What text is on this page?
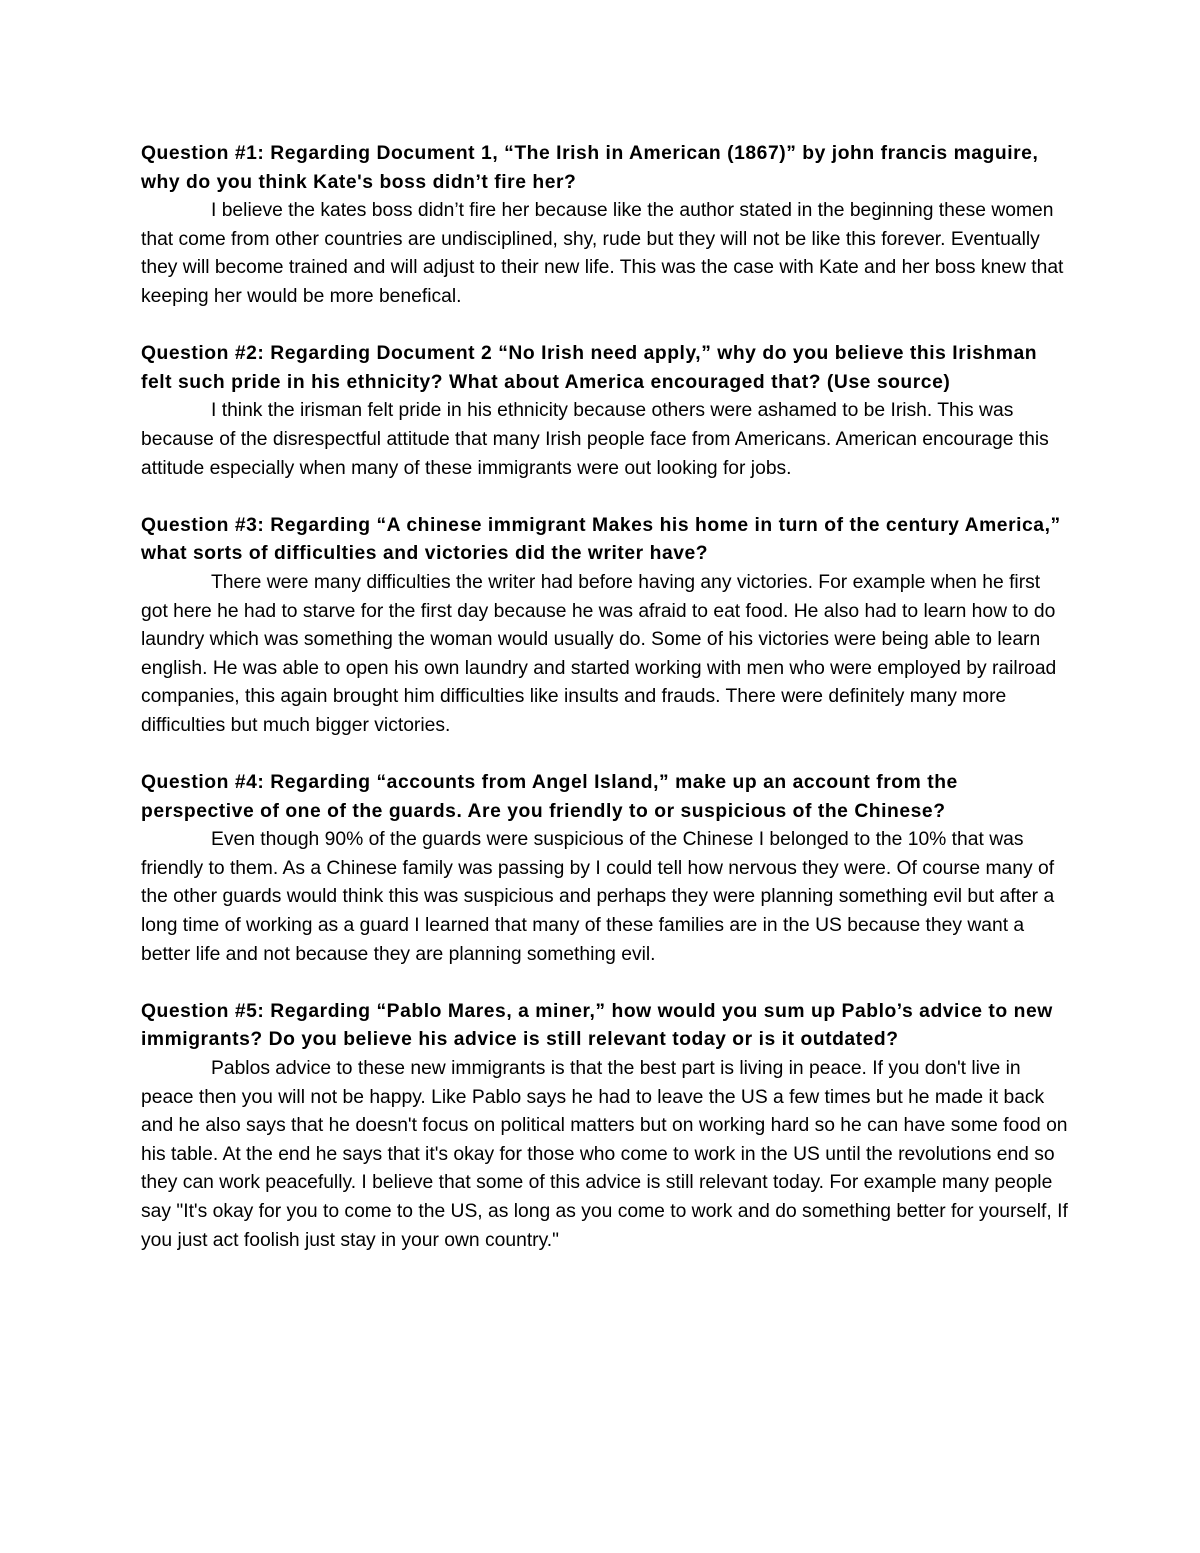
Question #1: Regarding Document 1, “The Irish in American (1867)” by john francis maguire, why do you think Kate's boss didn’t fire her?

I believe the kates boss didn’t fire her because like the author stated in the beginning these women that come from other countries are undisciplined, shy, rude but they will not be like this forever. Eventually they will become trained and will adjust to their new life. This was the case with Kate and her boss knew that keeping her would be more benefical.

Question #2: Regarding Document 2 “No Irish need apply,” why do you believe this Irishman felt such pride in his ethnicity? What about America encouraged that? (Use source)

I think the irisman felt pride in his ethnicity because others were ashamed to be Irish. This was because of the disrespectful attitude that many Irish people face from Americans. American encourage this attitude especially when many of these immigrants were out looking for jobs.

Question #3: Regarding “A chinese immigrant Makes his home in turn of the century America,” what sorts of difficulties and victories did the writer have?

There were many difficulties the writer had before having any victories. For example when he first got here he had to starve for the first day because he was afraid to eat food. He also had to learn how to do laundry which was something the woman would usually do. Some of his victories were being able to learn english. He was able to open his own laundry and started working with men who were employed by railroad companies, this again brought him difficulties like insults and frauds. There were definitely many more difficulties but much bigger victories.

Question #4: Regarding “accounts from Angel Island,” make up an account from the perspective of one of the guards. Are you friendly to or suspicious of the Chinese?

Even though 90% of the guards were suspicious of the Chinese I belonged to the 10% that was friendly to them. As a Chinese family was passing by I could tell how nervous they were. Of course many of the other guards would think this was suspicious and perhaps they were planning something evil but after a long time of working as a guard I learned that many of these families are in the US because they want a better life and not because they are planning something evil.

Question #5: Regarding “Pablo Mares, a miner,” how would you sum up Pablo’s advice to new immigrants? Do you believe his advice is still relevant today or is it outdated?

Pablos advice to these new immigrants is that the best part is living in peace. If you don't live in peace then you will not be happy. Like Pablo says he had to leave the US a few times but he made it back and he also says that he doesn't focus on political matters but on working hard so he can have some food on his table. At the end he says that it's okay for those who come to work in the US until the revolutions end so they can work peacefully. I believe that some of this advice is still relevant today. For example many people say "It's okay for you to come to the US, as long as you come to work and do something better for yourself, If you just act foolish just stay in your own country."
